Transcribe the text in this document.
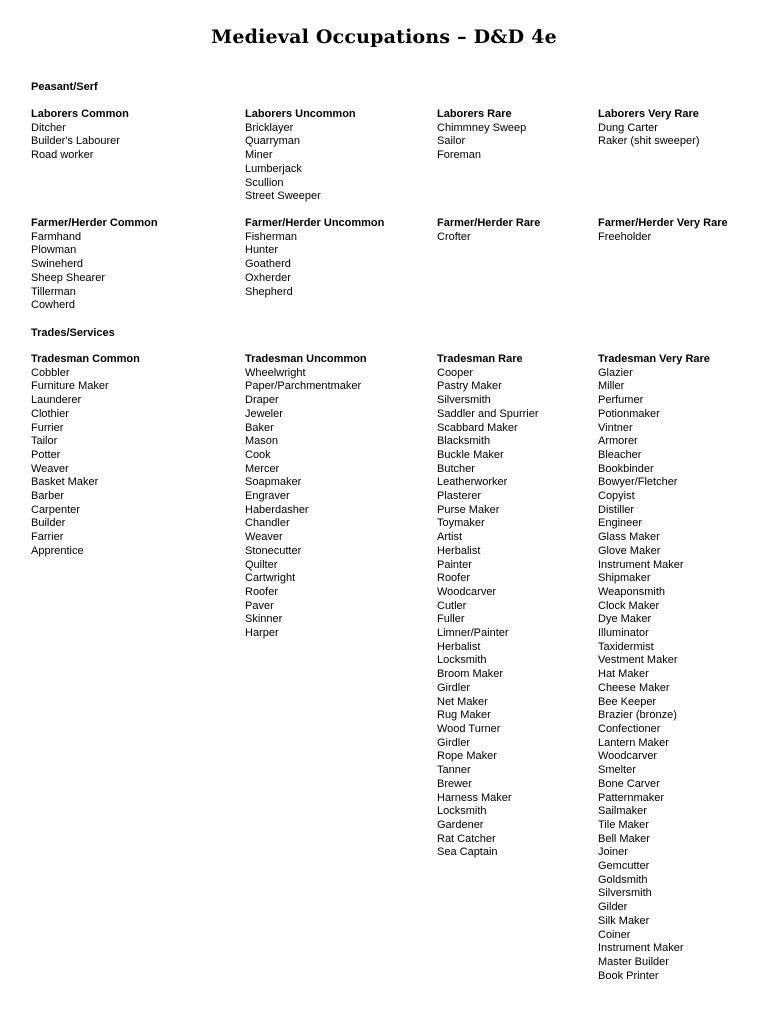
Medieval Occupations – D&D 4e
Peasant/Serf
Laborers Common
Ditcher
Builder's Labourer
Road worker
Laborers Uncommon
Bricklayer
Quarryman
Miner
Lumberjack
Scullion
Street Sweeper
Laborers Rare
Chimmney Sweep
Sailor
Foreman
Laborers Very Rare
Dung Carter
Raker (shit sweeper)
Farmer/Herder Common
Farmhand
Plowman
Swineherd
Sheep Shearer
Tillerman
Cowherd
Farmer/Herder Uncommon
Fisherman
Hunter
Goatherd
Oxherder
Shepherd
Farmer/Herder Rare
Crofter
Farmer/Herder Very Rare
Freeholder
Trades/Services
Tradesman Common
Cobbler
Furniture Maker
Launderer
Clothier
Furrier
Tailor
Potter
Weaver
Basket Maker
Barber
Carpenter
Builder
Farrier
Apprentice
Tradesman Uncommon
Wheelwright
Paper/Parchmentmaker
Draper
Jeweler
Baker
Mason
Cook
Mercer
Soapmaker
Engraver
Haberdasher
Chandler
Weaver
Stonecutter
Quilter
Cartwright
Roofer
Paver
Skinner
Harper
Tradesman Rare
Cooper
Pastry Maker
Silversmith
Saddler and Spurrier
Scabbard Maker
Blacksmith
Buckle Maker
Butcher
Leatherworker
Plasterer
Purse Maker
Toymaker
Artist
Herbalist
Painter
Roofer
Woodcarver
Cutler
Fuller
Limner/Painter
Herbalist
Locksmith
Broom Maker
Girdler
Net Maker
Rug Maker
Wood Turner
Girdler
Rope Maker
Tanner
Brewer
Harness Maker
Locksmith
Gardener
Rat Catcher
Sea Captain
Tradesman Very Rare
Glazier
Miller
Perfumer
Potionmaker
Vintner
Armorer
Bleacher
Bookbinder
Bowyer/Fletcher
Copyist
Distiller
Engineer
Glass Maker
Glove Maker
Instrument Maker
Shipmaker
Weaponsmith
Clock Maker
Dye Maker
Illuminator
Taxidermist
Vestment Maker
Hat Maker
Cheese Maker
Bee Keeper
Brazier (bronze)
Confectioner
Lantern Maker
Woodcarver
Smelter
Bone Carver
Patternmaker
Sailmaker
Tile Maker
Bell Maker
Joiner
Gemcutter
Goldsmith
Silversmith
Gilder
Silk Maker
Coiner
Instrument Maker
Master Builder
Book Printer
